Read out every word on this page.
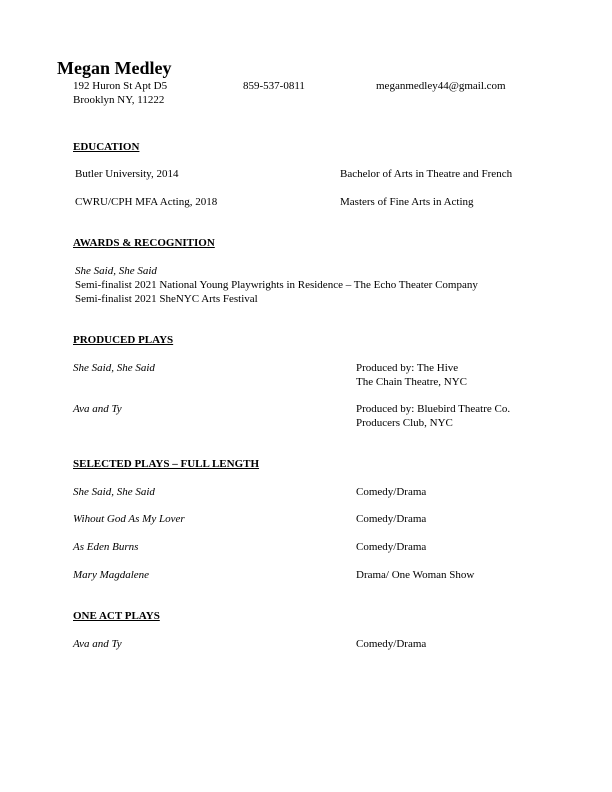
Megan Medley
192 Huron St Apt D5	859-537-0811	meganmedley44@gmail.com
Brooklyn NY, 11222
EDUCATION
Butler University, 2014	Bachelor of Arts in Theatre and French
CWRU/CPH MFA Acting, 2018	Masters of Fine Arts in Acting
AWARDS & RECOGNITION
She Said, She Said
Semi-finalist 2021 National Young Playwrights in Residence – The Echo Theater Company
Semi-finalist 2021 SheNYC Arts Festival
PRODUCED PLAYS
She Said, She Said	Produced by: The Hive
The Chain Theatre, NYC
Ava and Ty	Produced by: Bluebird Theatre Co.
Producers Club, NYC
SELECTED PLAYS – FULL LENGTH
She Said, She Said	Comedy/Drama
Wihout God As My Lover	Comedy/Drama
As Eden Burns	Comedy/Drama
Mary Magdalene	Drama/ One Woman Show
ONE ACT PLAYS
Ava and Ty	Comedy/Drama
